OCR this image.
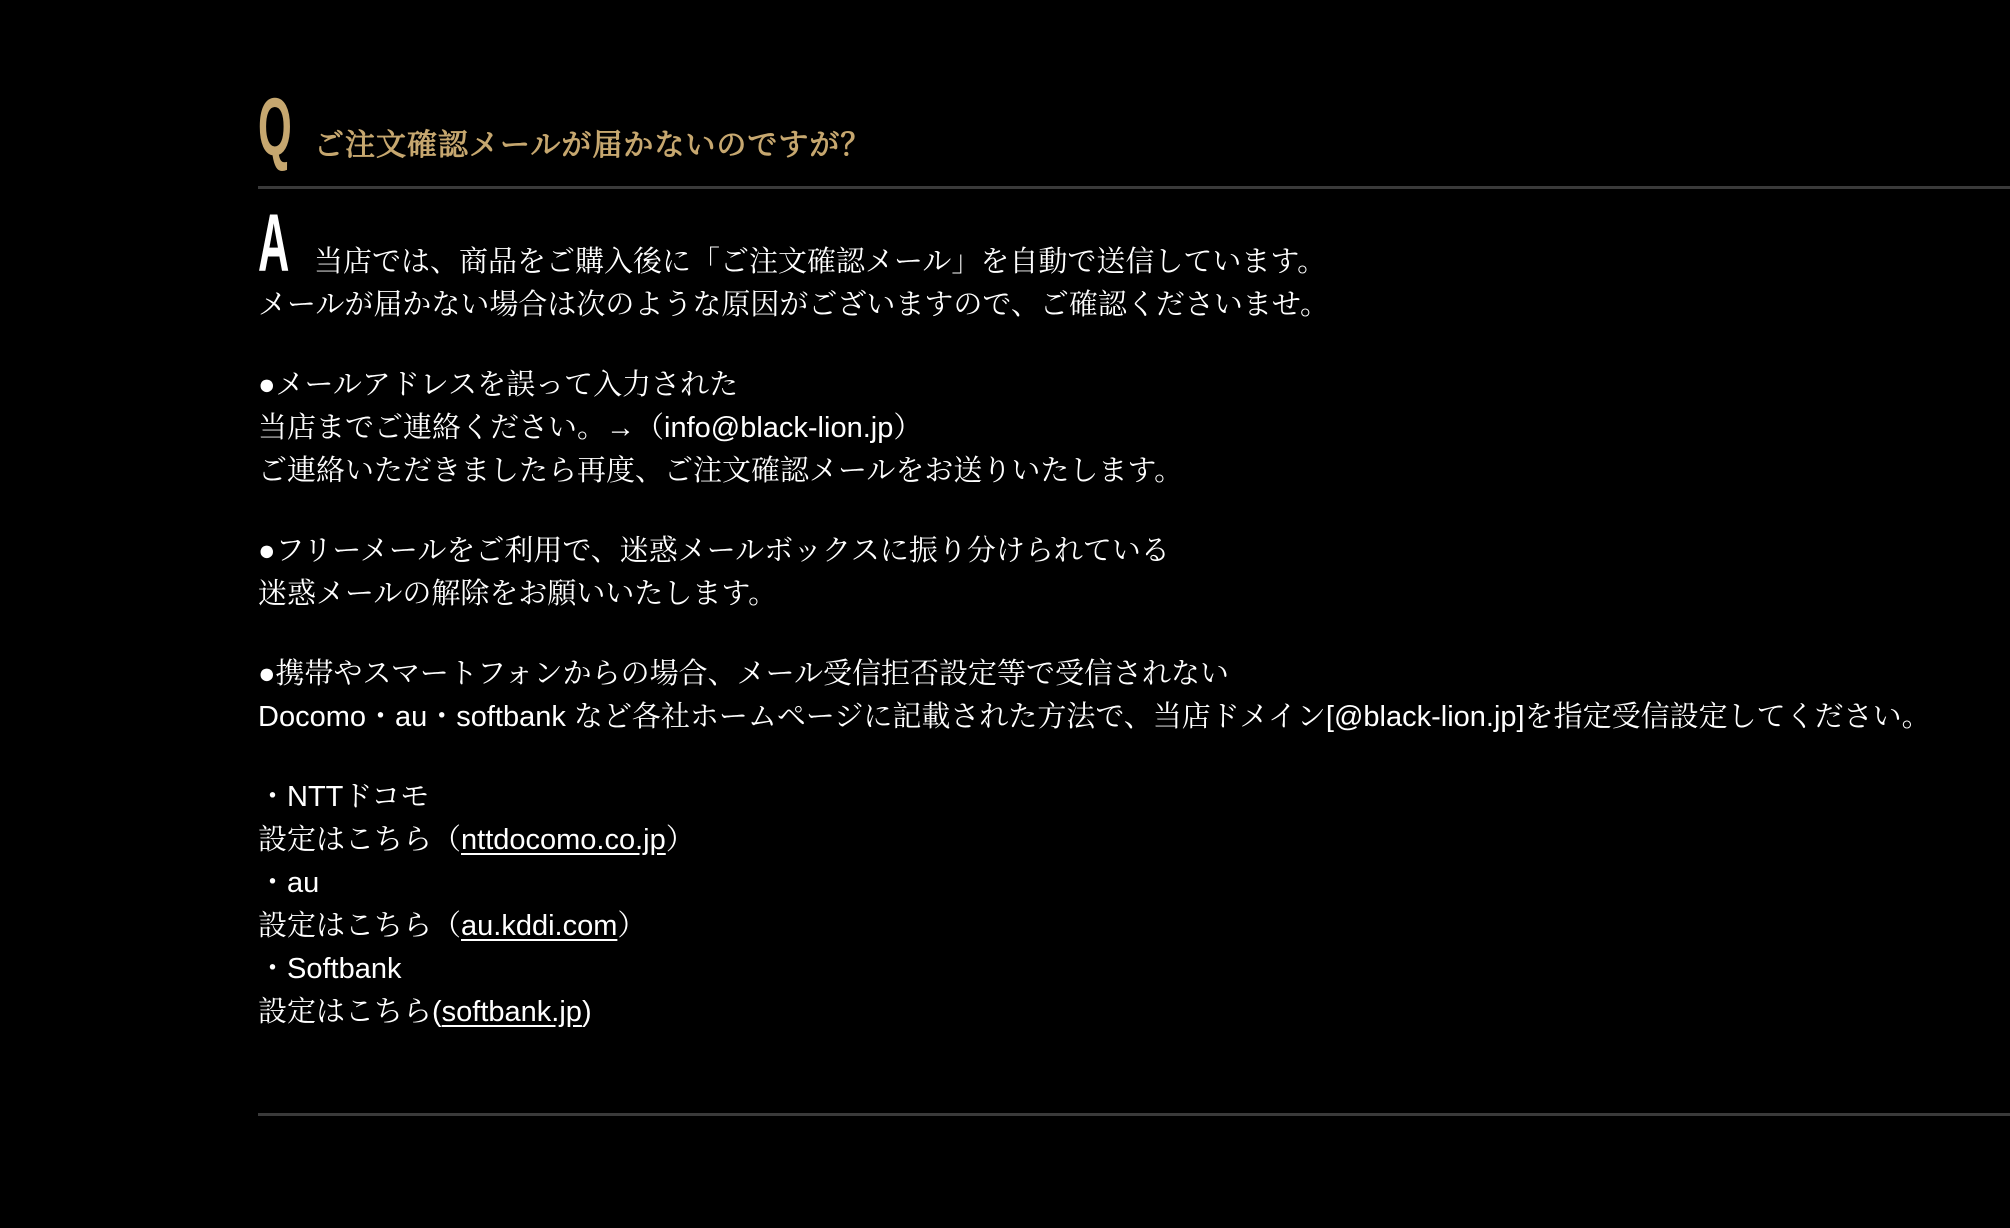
Q ご注文確認メールが届かないのですが？
A 当店では、商品をご購入後に「ご注文確認メール」を自動で送信しています。
メールが届かない場合は次のような原因がございますので、ご確認くださいませ。
●メールアドレスを誤って入力された
当店までご連絡ください。→（info@black-lion.jp）
ご連絡いただきましたら再度、ご注文確認メールをお送りいたします。
●フリーメールをご利用で、迷惑メールボックスに振り分けられている
迷惑メールの解除をお願いいたします。
●携帯やスマートフォンからの場合、メール受信拒否設定等で受信されない
Docomo・au・softbank など各社ホームページに記載された方法で、当店ドメイン[@black-lion.jp]を指定受信設定してください。
・NTTドコモ
設定はこちら（nttdocomo.co.jp）
・au
設定はこちら（au.kddi.com）
・Softbank
設定はこちら(softbank.jp)
